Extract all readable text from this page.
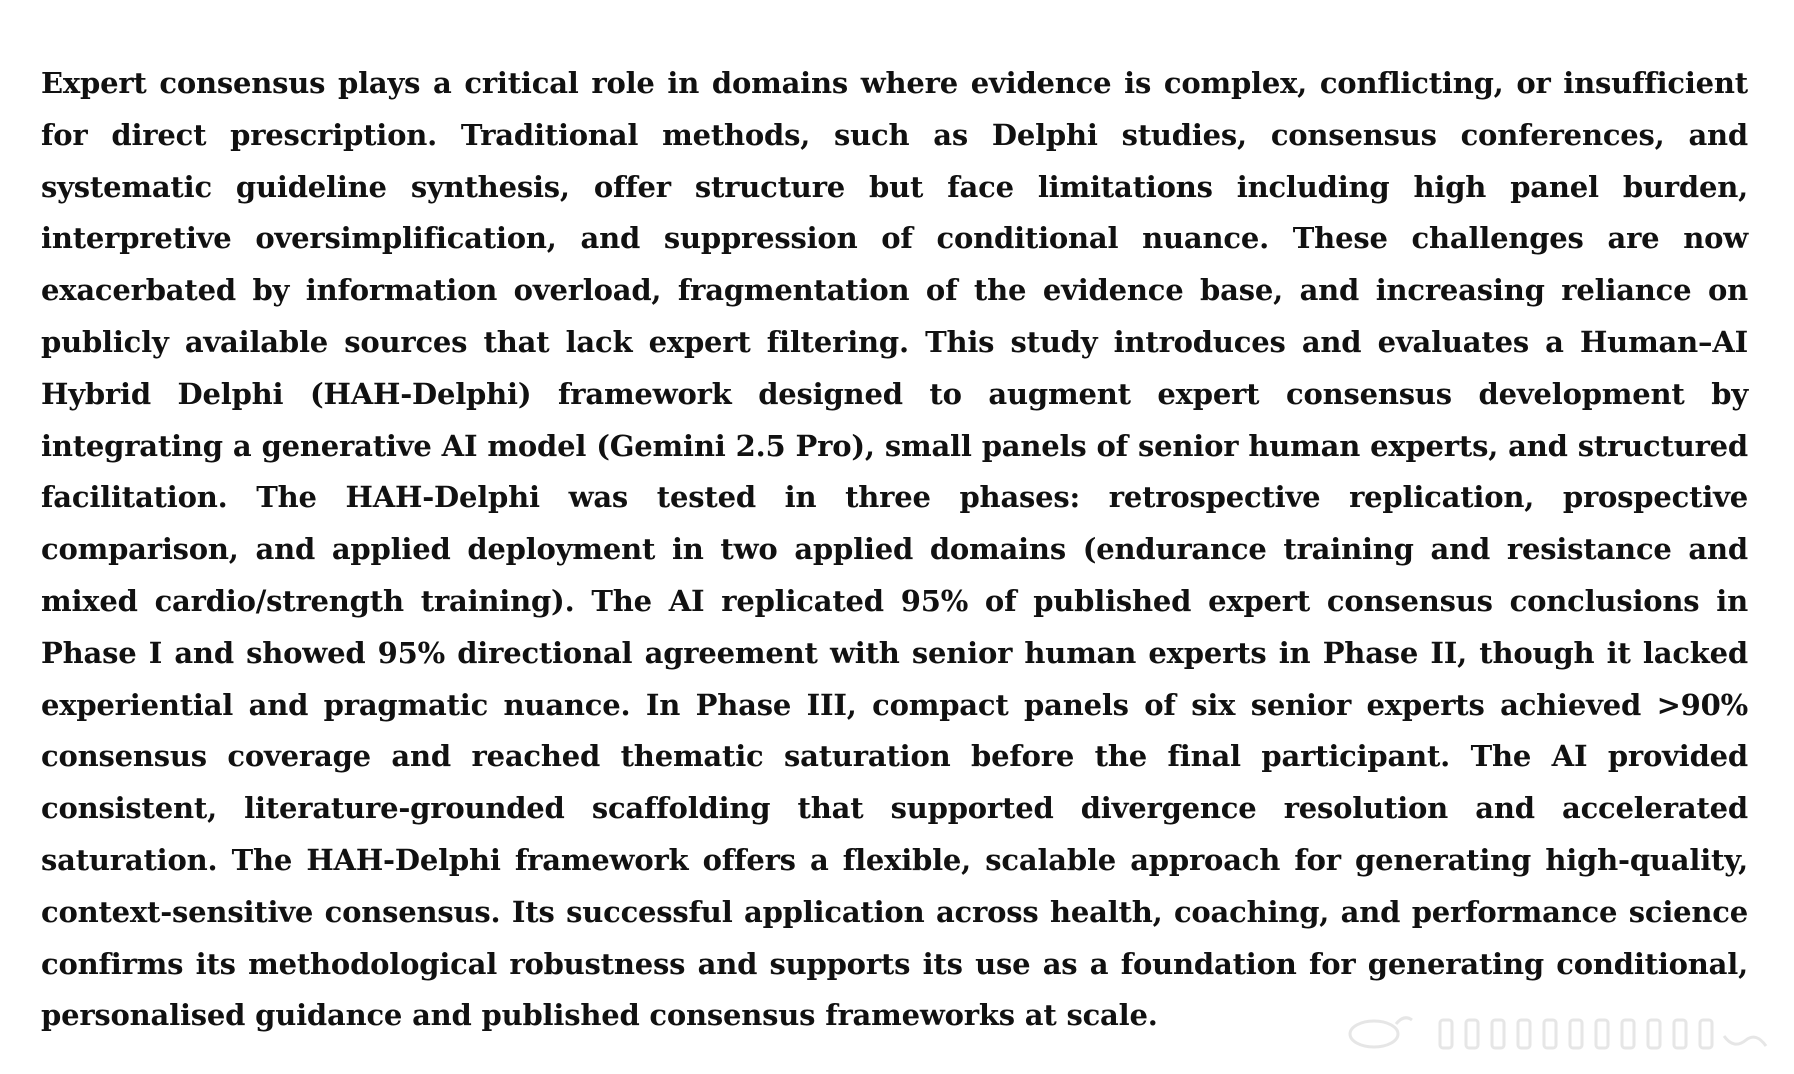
Expert consensus plays a critical role in domains where evidence is complex, conflicting, or insufficient for direct prescription. Traditional methods, such as Delphi studies, consensus conferences, and systematic guideline synthesis, offer structure but face limitations including high panel burden, interpretive oversimplification, and suppression of conditional nuance. These challenges are now exacerbated by information overload, fragmentation of the evidence base, and increasing reliance on publicly available sources that lack expert filtering. This study introduces and evaluates a Human–AI Hybrid Delphi (HAH-Delphi) framework designed to augment expert consensus development by integrating a generative AI model (Gemini 2.5 Pro), small panels of senior human experts, and structured facilitation. The HAH-Delphi was tested in three phases: retrospective replication, prospective comparison, and applied deployment in two applied domains (endurance training and resistance and mixed cardio/strength training). The AI replicated 95% of published expert consensus conclusions in Phase I and showed 95% directional agreement with senior human experts in Phase II, though it lacked experiential and pragmatic nuance. In Phase III, compact panels of six senior experts achieved >90% consensus coverage and reached thematic saturation before the final participant. The AI provided consistent, literature-grounded scaffolding that supported divergence resolution and accelerated saturation. The HAH-Delphi framework offers a flexible, scalable approach for generating high-quality, context-sensitive consensus. Its successful application across health, coaching, and performance science confirms its methodological robustness and supports its use as a foundation for generating conditional, personalised guidance and published consensus frameworks at scale.
